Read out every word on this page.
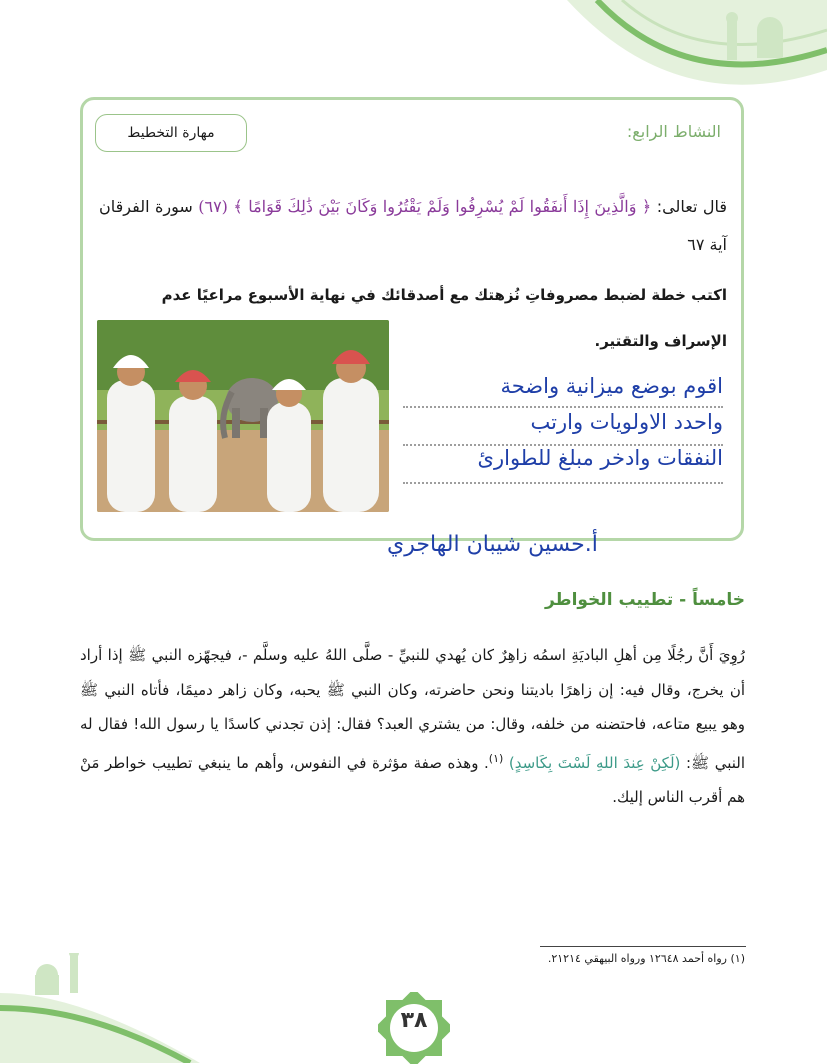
النشاط الرابع:
مهارة التخطيط
قال تعالى: ﴿ وَالَّذِينَ إِذَا أَنفَقُوا لَمْ يُسْرِفُوا وَلَمْ يَقْتُرُوا وَكَانَ بَيْنَ ذَٰلِكَ قَوَامًا ﴾ (٦٧) سورة الفرقان آية ٦٧
اكتب خطة لضبط مصروفاتِ نُزهتك مع أصدقائك في نهاية الأسبوع مراعيًا عدم الإسراف والتقتير.
اقوم بوضع ميزانية واضحة
واحدد الاولويات وارتب
النفقات وادخر مبلغ للطوارئ
أ.حسين شيبان الهاجري
خامساً - تطييب الخواطر
رُوِيَ أَنَّ رجُلًا مِن أهلِ الباديَةِ اسمُه زاهِرٌ كان يُهدي للنبيِّ - صلَّى اللهُ عليه وسلَّم -، فيجهّزه النبي ﷺ إذا أراد أن يخرج، وقال فيه: إن زاهرًا باديتنا ونحن حاضرته، وكان النبي ﷺ يحبه، وكان زاهر دميمًا، فأتاه النبي ﷺ وهو يبيع متاعه، فاحتضنه من خلفه، وقال: من يشتري العبد؟ فقال: إذن تجدني كاسدًا يا رسول الله! فقال له النبي ﷺ: (لَكِنْ عِندَ اللهِ لَسْتَ بِكَاسِدٍ) $^{(١)}$. وهذه صفة مؤثرة في النفوس، وأهم ما ينبغي تطييب خواطر مَنْ هم أقرب الناس إليك.
(١) رواه أحمد ١٢٦٤٨ ورواه البيهقي ٢١٢١٤.
٣٨
